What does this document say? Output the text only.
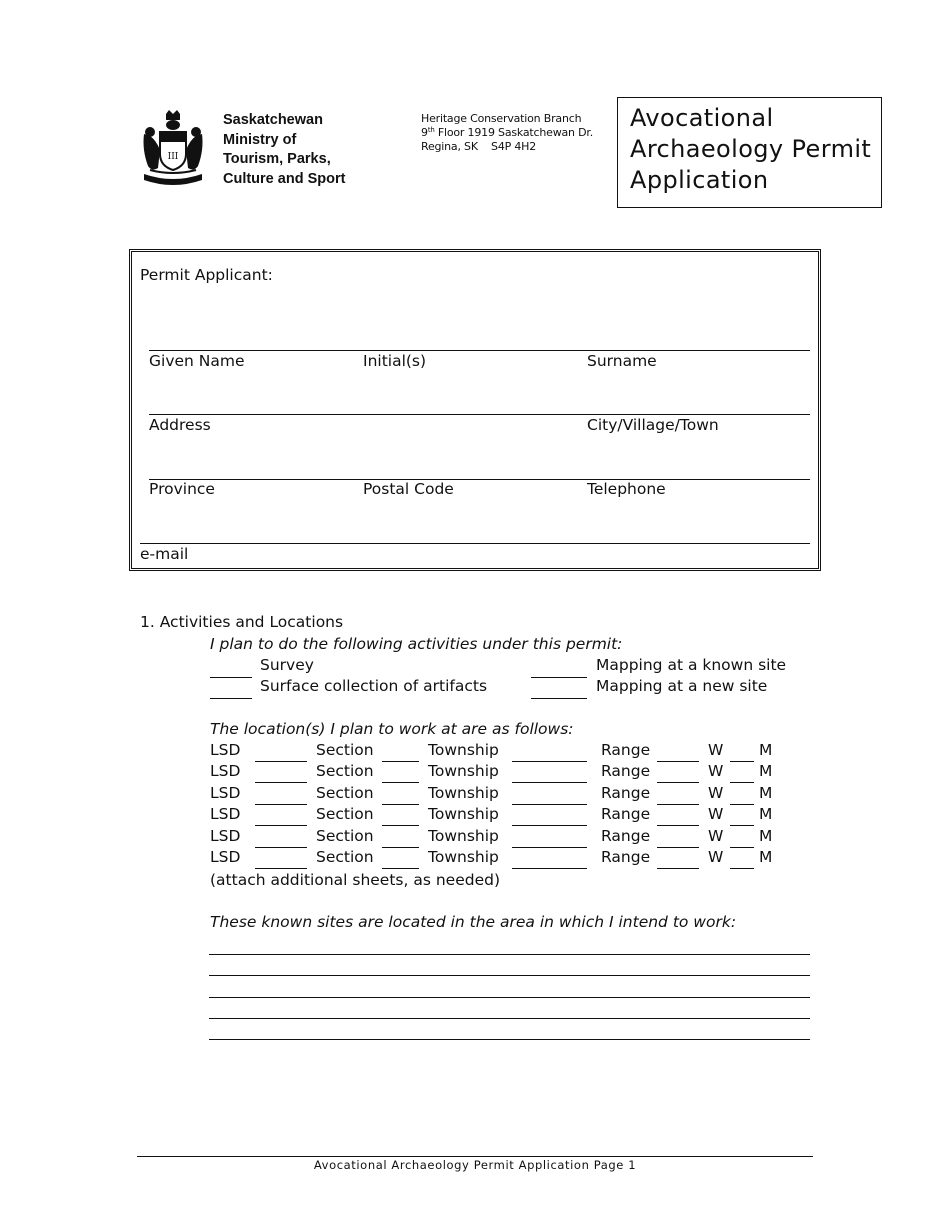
III
Saskatchewan
Ministry of
Tourism, Parks,
Culture and Sport
Heritage Conservation Branch
9th Floor 1919 Saskatchewan Dr.
Regina, SK    S4P 4H2
Avocational
Archaeology Permit
Application
Permit Applicant:
Given Name	Initial(s)	Surname
Address	City/Village/Town
Province	Postal Code	Telephone
e-mail
1. Activities and Locations
I plan to do the following activities under this permit:
Survey	Mapping at a known site
Surface collection of artifacts	Mapping at a new site
The location(s) I plan to work at are as follows:
LSD	Section	Township	Range	W M
LSD	Section	Township	Range	W M
LSD	Section	Township	Range	W M
LSD	Section	Township	Range	W M
LSD	Section	Township	Range	W M
LSD	Section	Township	Range	W M
(attach additional sheets, as needed)
These known sites are located in the area in which I intend to work:
Avocational Archaeology Permit Application Page 1
